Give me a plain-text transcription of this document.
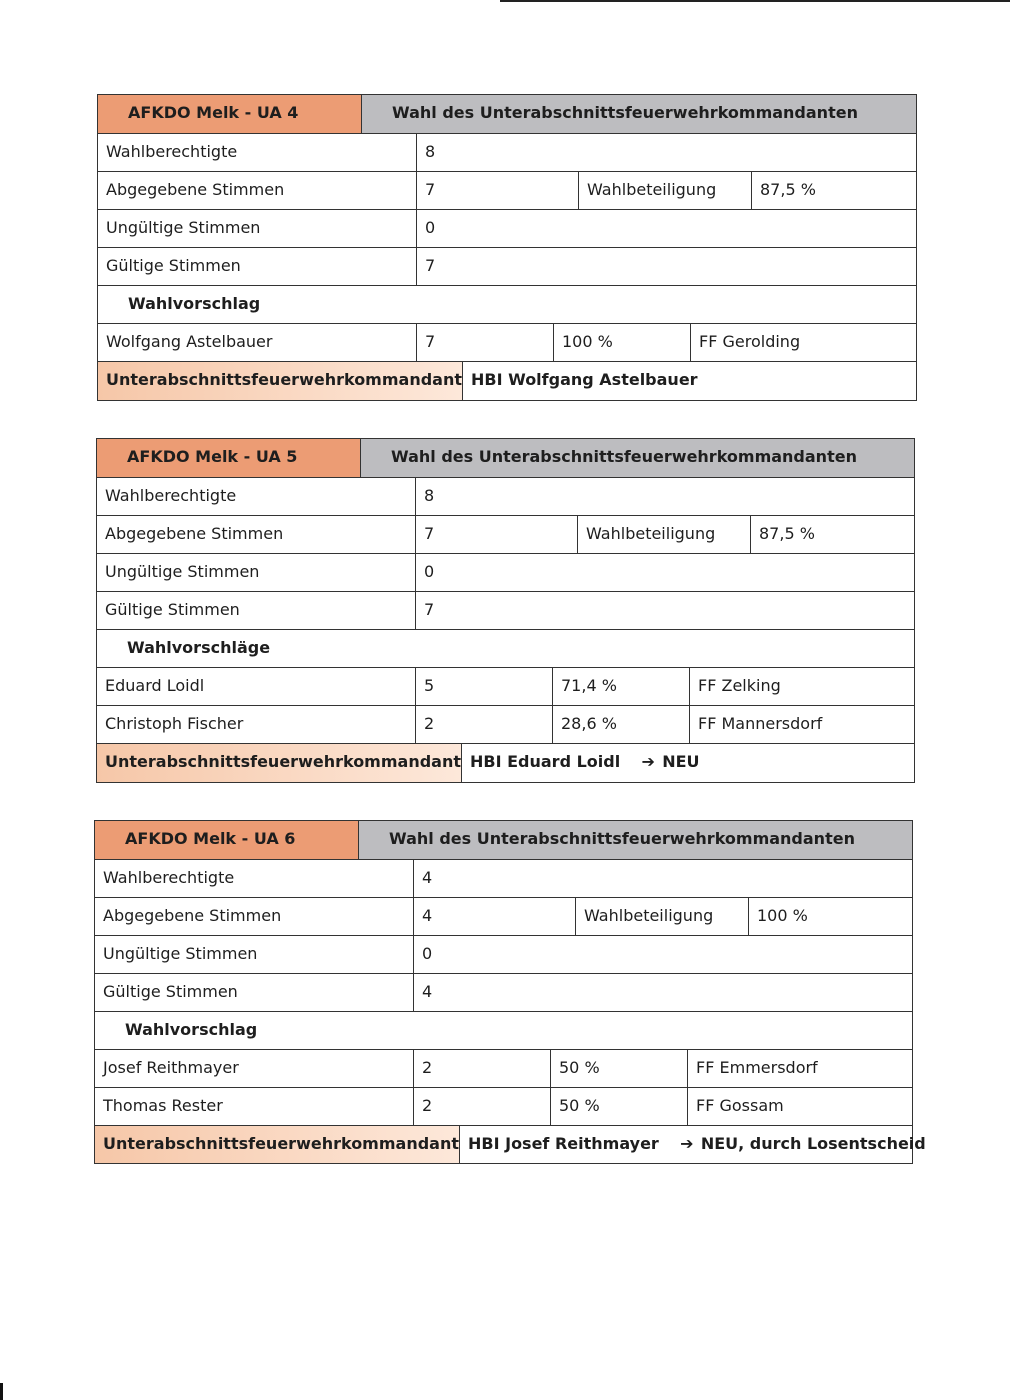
AFKDO Melk - UA 4	Wahl des Unterabschnittsfeuerwehrkommandanten
Wahlberechtigte	8
Abgegebene Stimmen	7	Wahlbeteiligung	87,5 %
Ungültige Stimmen	0
Gültige Stimmen	7
Wahlvorschlag
Wolfgang Astelbauer	7	100 %	FF Gerolding
Unterabschnittsfeuerwehrkommandant HBI Wolfgang Astelbauer
AFKDO Melk - UA 5	Wahl des Unterabschnittsfeuerwehrkommandanten
Wahlberechtigte	8
Abgegebene Stimmen	7	Wahlbeteiligung	87,5 %
Ungültige Stimmen	0
Gültige Stimmen	7
Wahlvorschläge
Eduard Loidl	5	71,4 %	FF Zelking
Christoph Fischer	2	28,6 %	FF Mannersdorf
Unterabschnittsfeuerwehrkommandant HBI Eduard Loidl ➔ NEU
AFKDO Melk - UA 6	Wahl des Unterabschnittsfeuerwehrkommandanten
Wahlberechtigte	4
Abgegebene Stimmen	4	Wahlbeteiligung	100 %
Ungültige Stimmen	0
Gültige Stimmen	4
Wahlvorschlag
Josef Reithmayer	2	50 %	FF Emmersdorf
Thomas Rester	2	50 %	FF Gossam
Unterabschnittsfeuerwehrkommandant HBI Josef Reithmayer ➔ NEU, durch Losentscheid
